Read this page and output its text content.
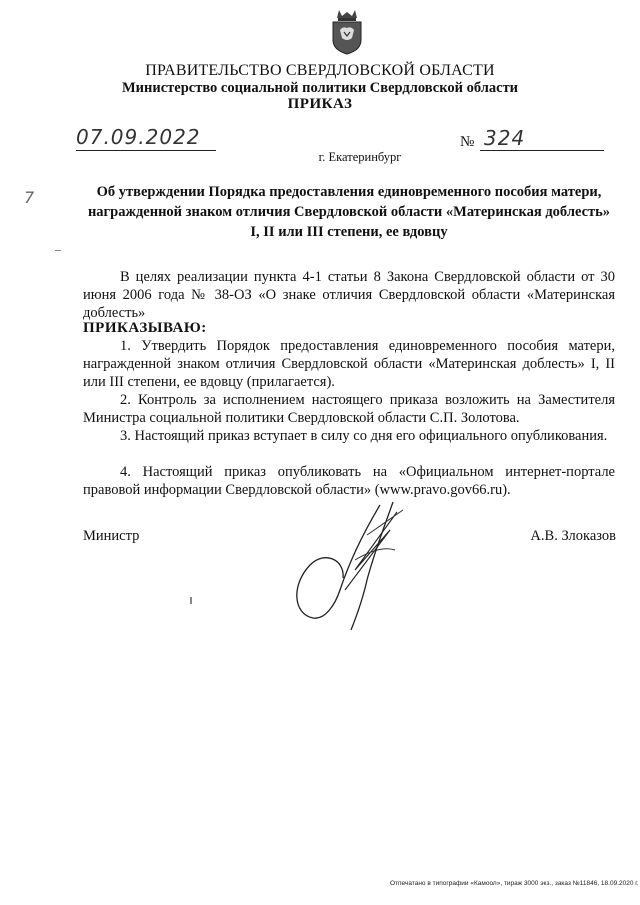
ПРАВИТЕЛЬСТВО СВЕРДЛОВСКОЙ ОБЛАСТИ
Министерство социальной политики Свердловской области
ПРИКАЗ
07.09.2022	№ 324
г. Екатеринбург
7	Об утверждении Порядка предоставления единовременного пособия матери, награжденной знаком отличия Свердловской области «Материнская доблесть» I, II или III степени, ее вдовцу
В целях реализации пункта 4-1 статьи 8 Закона Свердловской области от 30 июня 2006 года № 38-ОЗ «О знаке отличия Свердловской области «Материнская доблесть»
ПРИКАЗЫВАЮ:
1. Утвердить Порядок предоставления единовременного пособия матери, награжденной знаком отличия Свердловской области «Материнская доблесть» I, II или III степени, ее вдовцу (прилагается).
2. Контроль за исполнением настоящего приказа возложить на Заместителя Министра социальной политики Свердловской области С.П. Золотова.
3. Настоящий приказ вступает в силу со дня его официального опубликования.
4. Настоящий приказ опубликовать на «Официальном интернет-портале правовой информации Свердловской области» (www.pravo.gov66.ru).
Министр	А.В. Злоказов
Отпечатано в типографии «Камоол», тираж 3000 экз., заказ №11846, 18.09.2020 г.
